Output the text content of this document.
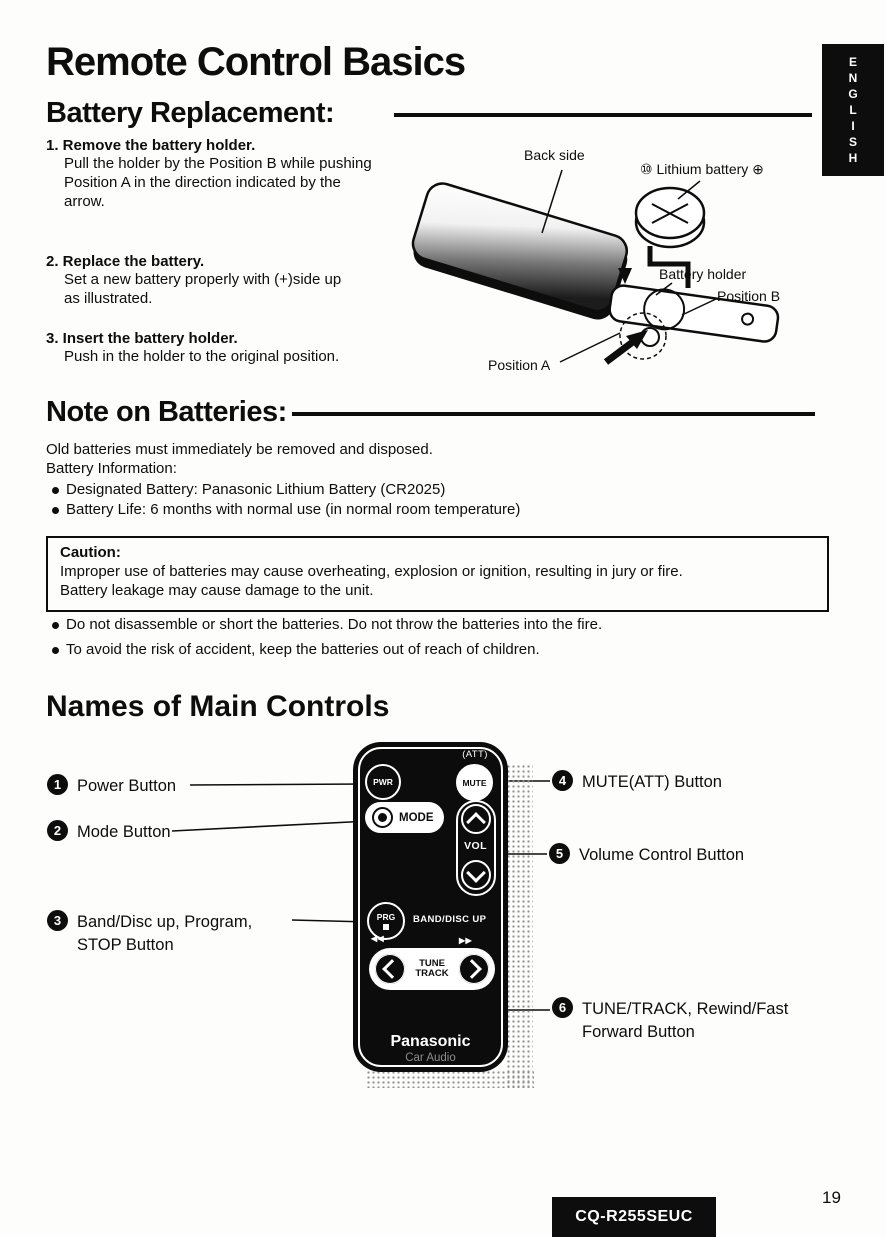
Remote Control Basics
Battery Replacement:
1. Remove the battery holder.
Pull the holder by the Position B while pushing
Position A in the direction indicated by the
arrow.
2. Replace the battery.
Set a new battery properly with (+)side up
as illustrated.
3. Insert the battery holder.
Push in the holder to the original position.
Back side
⑩ Lithium battery ⊕
Battery holder
Position B
Position A
Note on Batteries:
Old batteries must immediately be removed and disposed.
Battery Information:
Designated Battery: Panasonic Lithium Battery (CR2025)
Battery Life: 6 months with normal use (in normal room temperature)
Caution:
Improper use of batteries may cause overheating, explosion or ignition, resulting in jury or fire.
Battery leakage may cause damage to the unit.
Do not disassemble or short the batteries. Do not throw the batteries into the fire.
To avoid the risk of accident, keep the batteries out of reach of children.
Names of Main Controls
PWR
(ATT)
MUTE
MODE
VOL
PRG BAND/DISC UP
◀◀	▶▶
TUNE
TRACK
Panasonic
Car Audio
1 Power Button
2 Mode Button
3 Band/Disc up, Program,
STOP Button
4 MUTE(ATT) Button
5 Volume Control Button
6 TUNE/TRACK, Rewind/Fast
Forward Button
E
N
G
L
I
S
H
CQ-R255SEUC
19
